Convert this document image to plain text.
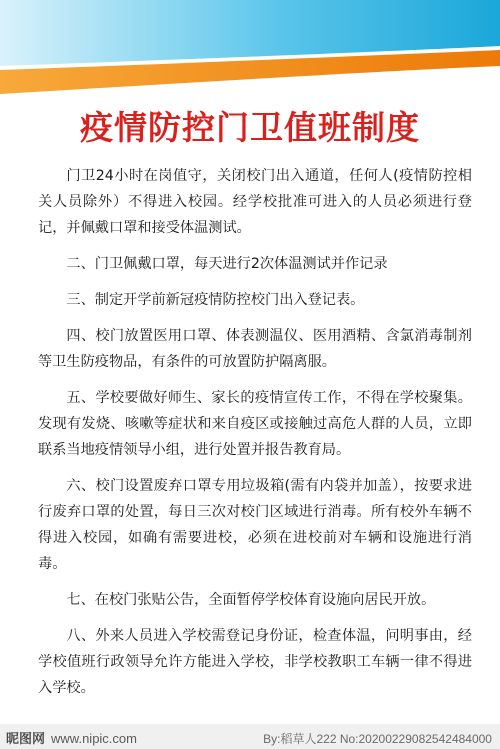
疫情防控门卫值班制度

门卫24小时在岗值守，关闭校门出入通道，任何人(疫情防控相关人员除外）不得进入校园。经学校批准可进入的人员必须进行登记，并佩戴口罩和接受体温测试。

二、门卫佩戴口罩，每天进行2次体温测试并作记录

三、制定开学前新冠疫情防控校门出入登记表。

四、校门放置医用口罩、体表测温仪、医用酒精、含氯消毒制剂等卫生防疫物品，有条件的可放置防护隔离服。

五、学校要做好师生、家长的疫情宣传工作，不得在学校聚集。发现有发烧、咳嗽等症状和来自疫区或接触过高危人群的人员，立即联系当地疫情领导小组，进行处置并报告教育局。

六、校门设置废弃口罩专用垃圾箱(需有内袋并加盖），按要求进行废弃口罩的处置，每日三次对校门区域进行消毒。所有校外车辆不得进入校园，如确有需要进校，必须在进校前对车辆和设施进行消毒。

七、在校门张贴公告，全面暂停学校体育设施向居民开放。

八、外来人员进入学校需登记身份证，检查体温，问明事由，经学校值班行政领导允许方能进入学校，非学校教职工车辆一律不得进入学校。

昵图网 www.nipic.com	By:稻草人222 No:20200229082542484000
